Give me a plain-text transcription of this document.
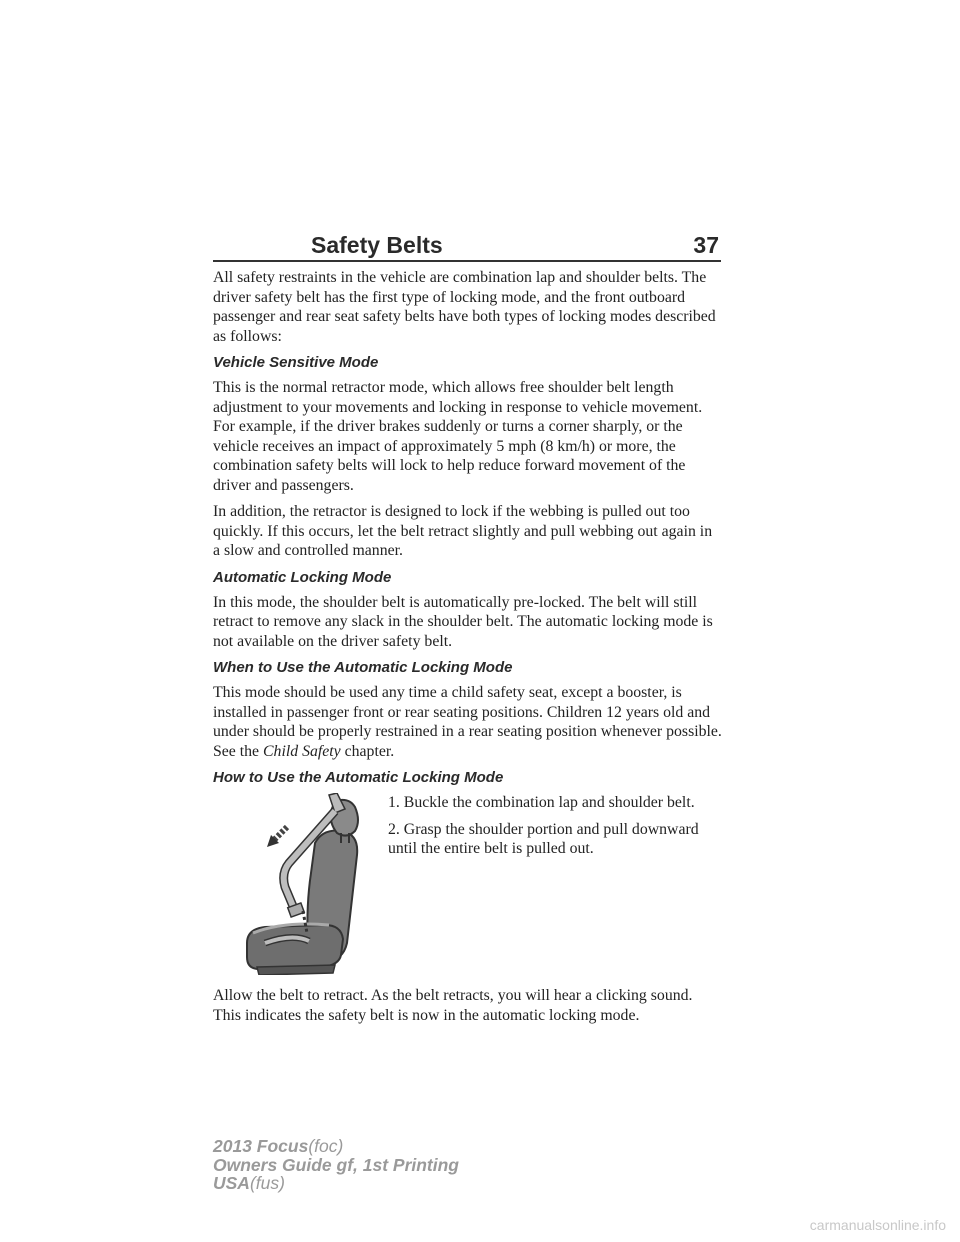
Safety Belts	37

All safety restraints in the vehicle are combination lap and shoulder belts. The driver safety belt has the first type of locking mode, and the front outboard passenger and rear seat safety belts have both types of locking modes described as follows:

Vehicle Sensitive Mode

This is the normal retractor mode, which allows free shoulder belt length adjustment to your movements and locking in response to vehicle movement. For example, if the driver brakes suddenly or turns a corner sharply, or the vehicle receives an impact of approximately 5 mph (8 km/h) or more, the combination safety belts will lock to help reduce forward movement of the driver and passengers.

In addition, the retractor is designed to lock if the webbing is pulled out too quickly. If this occurs, let the belt retract slightly and pull webbing out again in a slow and controlled manner.

Automatic Locking Mode

In this mode, the shoulder belt is automatically pre-locked. The belt will still retract to remove any slack in the shoulder belt. The automatic locking mode is not available on the driver safety belt.

When to Use the Automatic Locking Mode

This mode should be used any time a child safety seat, except a booster, is installed in passenger front or rear seating positions. Children 12 years old and under should be properly restrained in a rear seating position whenever possible. See the Child Safety chapter.

How to Use the Automatic Locking Mode

1. Buckle the combination lap and shoulder belt.

2. Grasp the shoulder portion and pull downward until the entire belt is pulled out.

Allow the belt to retract. As the belt retracts, you will hear a clicking sound. This indicates the safety belt is now in the automatic locking mode.

2013 Focus(foc)
Owners Guide gf, 1st Printing
USA(fus)
carmanualsonline.info
